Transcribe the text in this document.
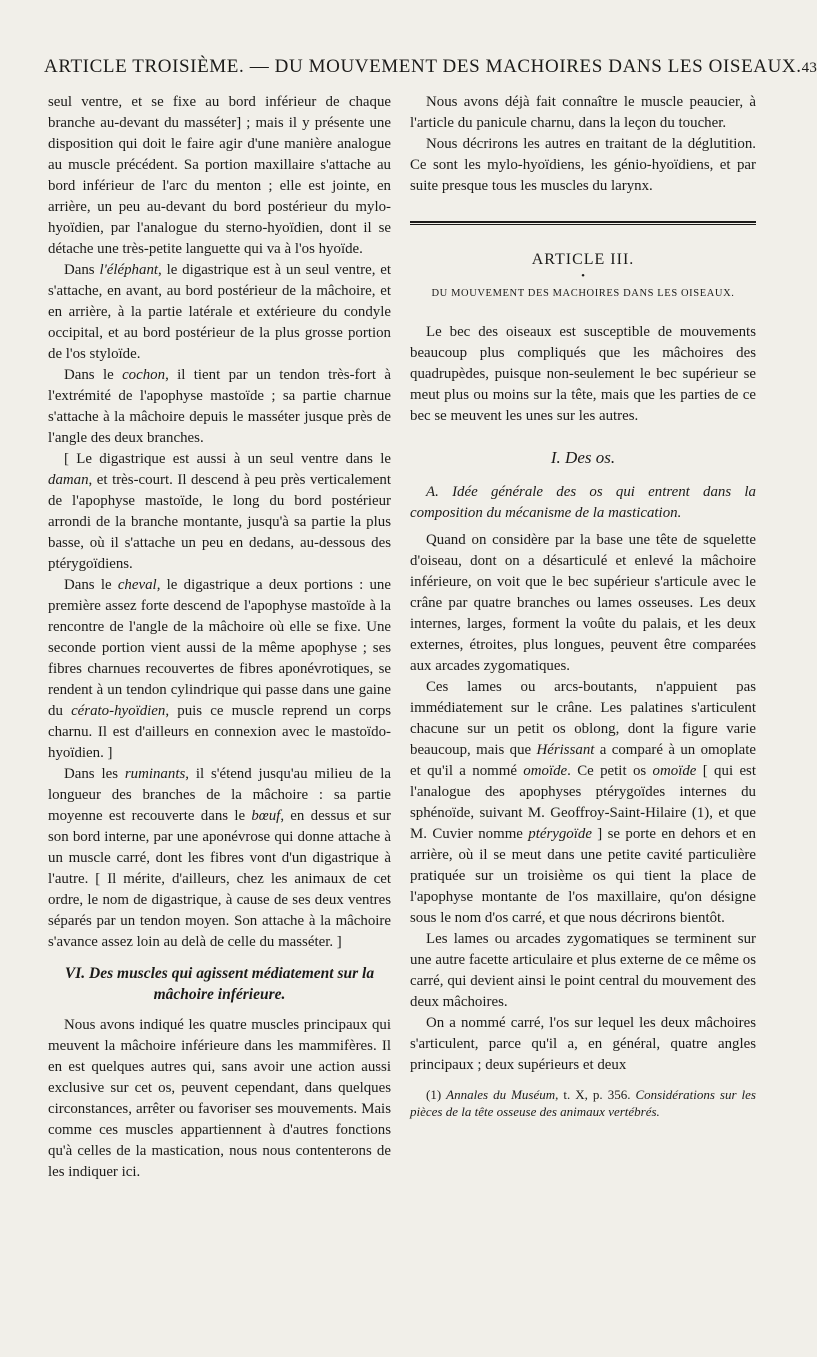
ARTICLE TROISIÈME. — DU MOUVEMENT DES MACHOIRES DANS LES OISEAUX. 43

seul ventre, et se fixe au bord inférieur de chaque branche au-devant du masséter] ; mais il y présente une disposition qui doit le faire agir d'une manière analogue au muscle précédent. Sa portion maxillaire s'attache au bord inférieur de l'arc du menton ; elle est jointe, en arrière, un peu au-devant du bord postérieur du mylo-hyoïdien, par l'analogue du sterno-hyoïdien, dont il se détache une très-petite languette qui va à l'os hyoïde.

Dans l'éléphant, le digastrique est à un seul ventre, et s'attache, en avant, au bord postérieur de la mâchoire, et en arrière, à la partie latérale et extérieure du condyle occipital, et au bord postérieur de la plus grosse portion de l'os styloïde.

Dans le cochon, il tient par un tendon très-fort à l'extrémité de l'apophyse mastoïde ; sa partie charnue s'attache à la mâchoire depuis le masséter jusque près de l'angle des deux branches.

[ Le digastrique est aussi à un seul ventre dans le daman, et très-court. Il descend à peu près verticalement de l'apophyse mastoïde, le long du bord postérieur arrondi de la branche montante, jusqu'à sa partie la plus basse, où il s'attache un peu en dedans, au-dessous des ptérygoïdiens.

Dans le cheval, le digastrique a deux portions : une première assez forte descend de l'apophyse mastoïde à la rencontre de l'angle de la mâchoire où elle se fixe. Une seconde portion vient aussi de la même apophyse ; ses fibres charnues recouvertes de fibres aponévrotiques, se rendent à un tendon cylindrique qui passe dans une gaine du cérato-hyoïdien, puis ce muscle reprend un corps charnu. Il est d'ailleurs en connexion avec le mastoïdo-hyoïdien. ]

Dans les ruminants, il s'étend jusqu'au milieu de la longueur des branches de la mâchoire : sa partie moyenne est recouverte dans le bœuf, en dessus et sur son bord interne, par une aponévrose qui donne attache à un muscle carré, dont les fibres vont d'un digastrique à l'autre. [ Il mérite, d'ailleurs, chez les animaux de cet ordre, le nom de digastrique, à cause de ses deux ventres séparés par un tendon moyen. Son attache à la mâchoire s'avance assez loin au delà de celle du masséter. ]

VI. Des muscles qui agissent médiatement sur la mâchoire inférieure.

Nous avons indiqué les quatre muscles principaux qui meuvent la mâchoire inférieure dans les mammifères. Il en est quelques autres qui, sans avoir une action aussi exclusive sur cet os, peuvent cependant, dans quelques circonstances, arrêter ou favoriser ses mouvements. Mais comme ces muscles appartiennent à d'autres fonctions qu'à celles de la mastication, nous nous contenterons de les indiquer ici.

Nous avons déjà fait connaître le muscle peaucier, à l'article du panicule charnu, dans la leçon du toucher.

Nous décrirons les autres en traitant de la déglutition. Ce sont les mylo-hyoïdiens, les génio-hyoïdiens, et par suite presque tous les muscles du larynx.

ARTICLE III.
•
DU MOUVEMENT DES MACHOIRES DANS LES OISEAUX.

Le bec des oiseaux est susceptible de mouvements beaucoup plus compliqués que les mâchoires des quadrupèdes, puisque non-seulement le bec supérieur se meut plus ou moins sur la tête, mais que les parties de ce bec se meuvent les unes sur les autres.

I. Des os.

A. Idée générale des os qui entrent dans la composition du mécanisme de la mastication.

Quand on considère par la base une tête de squelette d'oiseau, dont on a désarticulé et enlevé la mâchoire inférieure, on voit que le bec supérieur s'articule avec le crâne par quatre branches ou lames osseuses. Les deux internes, larges, forment la voûte du palais, et les deux externes, étroites, plus longues, peuvent être comparées aux arcades zygomatiques.

Ces lames ou arcs-boutants, n'appuient pas immédiatement sur le crâne. Les palatines s'articulent chacune sur un petit os oblong, dont la figure varie beaucoup, mais que Hérissant a comparé à un omoplate et qu'il a nommé omoïde. Ce petit os omoïde [ qui est l'analogue des apophyses ptérygoïdes internes du sphénoïde, suivant M. Geoffroy-Saint-Hilaire (1), et que M. Cuvier nomme ptérygoïde ] se porte en dehors et en arrière, où il se meut dans une petite cavité particulière pratiquée sur un troisième os qui tient la place de l'apophyse montante de l'os maxillaire, qu'on désigne sous le nom d'os carré, et que nous décrirons bientôt.

Les lames ou arcades zygomatiques se terminent sur une autre facette articulaire et plus externe de ce même os carré, qui devient ainsi le point central du mouvement des deux mâchoires.

On a nommé carré, l'os sur lequel les deux mâchoires s'articulent, parce qu'il a, en général, quatre angles principaux ; deux supérieurs et deux

(1) Annales du Muséum, t. X, p. 356. Considérations sur les pièces de la tête osseuse des animaux vertébrés.
